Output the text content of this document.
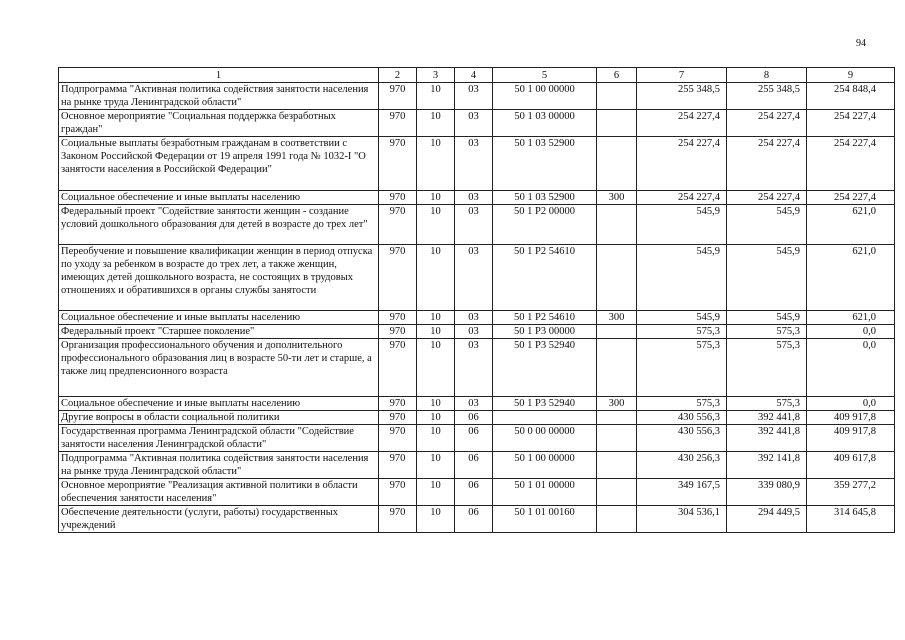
94
1	2	3	4	5	6	7	8	9
Подпрограмма "Активная политика содействия занятости населения на рынке труда Ленинградской области"	970	10	03	50 1 00 00000		255 348,5	255 348,5	254 848,4
Основное мероприятие "Социальная поддержка безработных граждан"	970	10	03	50 1 03 00000		254 227,4	254 227,4	254 227,4
Социальные выплаты безработным гражданам в соответствии с Законом Российской Федерации от 19 апреля 1991 года № 1032-I "О занятости населения в Российской Федерации"	970	10	03	50 1 03 52900		254 227,4	254 227,4	254 227,4
Социальное обеспечение и иные выплаты населению	970	10	03	50 1 03 52900	300	254 227,4	254 227,4	254 227,4
Федеральный проект "Содействие занятости женщин - создание условий дошкольного образования для детей в возрасте до трех лет"	970	10	03	50 1 P2 00000		545,9	545,9	621,0
Переобучение и повышение квалификации женщин в период отпуска по уходу за ребенком в возрасте до трех лет, а также женщин, имеющих детей дошкольного возраста, не состоящих в трудовых отношениях и обратившихся в органы службы занятости	970	10	03	50 1 P2 54610		545,9	545,9	621,0
Социальное обеспечение и иные выплаты населению	970	10	03	50 1 P2 54610	300	545,9	545,9	621,0
Федеральный проект "Старшее поколение"	970	10	03	50 1 P3 00000		575,3	575,3	0,0
Организация профессионального обучения и дополнительного профессионального образования лиц в возрасте 50-ти лет и старше, а также лиц предпенсионного возраста	970	10	03	50 1 P3 52940		575,3	575,3	0,0
Социальное обеспечение и иные выплаты населению	970	10	03	50 1 P3 52940	300	575,3	575,3	0,0
Другие вопросы в области социальной политики	970	10	06			430 556,3	392 441,8	409 917,8
Государственная программа Ленинградской области "Содействие занятости населения Ленинградской области"	970	10	06	50 0 00 00000		430 556,3	392 441,8	409 917,8
Подпрограмма "Активная политика содействия занятости населения на рынке труда Ленинградской области"	970	10	06	50 1 00 00000		430 256,3	392 141,8	409 617,8
Основное мероприятие "Реализация активной политики в области обеспечения занятости населения"	970	10	06	50 1 01 00000		349 167,5	339 080,9	359 277,2
Обеспечение деятельности (услуги, работы) государственных учреждений	970	10	06	50 1 01 00160		304 536,1	294 449,5	314 645,8
